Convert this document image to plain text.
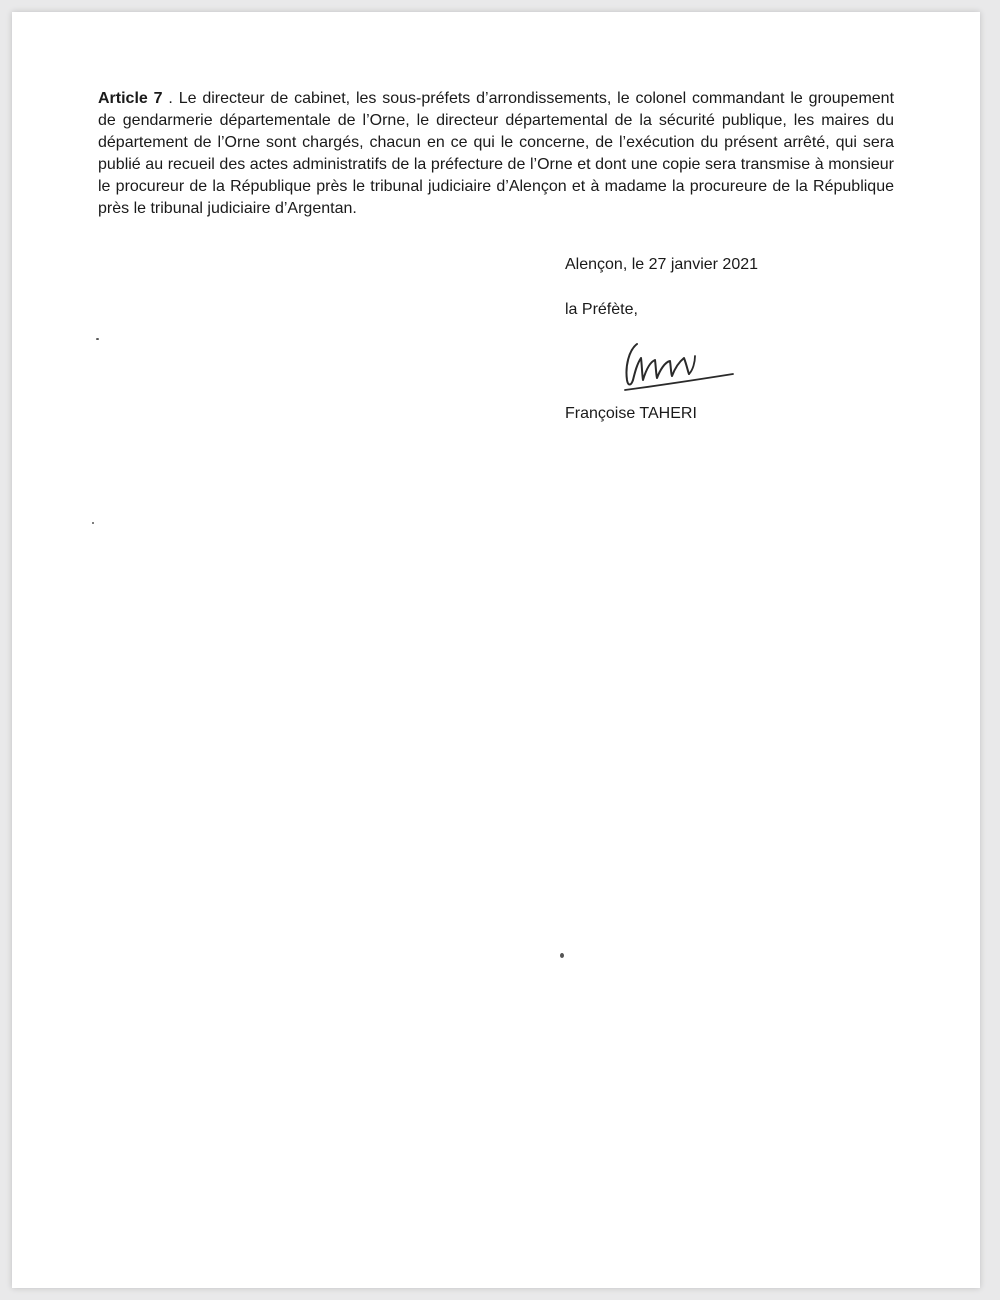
Article 7 . Le directeur de cabinet, les sous-préfets d’arrondissements, le colonel commandant le groupement de gendarmerie départementale de l’Orne, le directeur départemental de la sécurité publique, les maires du département de l’Orne sont chargés, chacun en ce qui le concerne, de l’exécution du présent arrêté, qui sera publié au recueil des actes administratifs de la préfecture de l’Orne et dont une copie sera transmise à monsieur le procureur de la République près le tribunal judiciaire d’Alençon et à madame la procureure de la République près le tribunal judiciaire d’Argentan.

Alençon, le 27 janvier 2021
la Préfète,
Françoise TAHERI
